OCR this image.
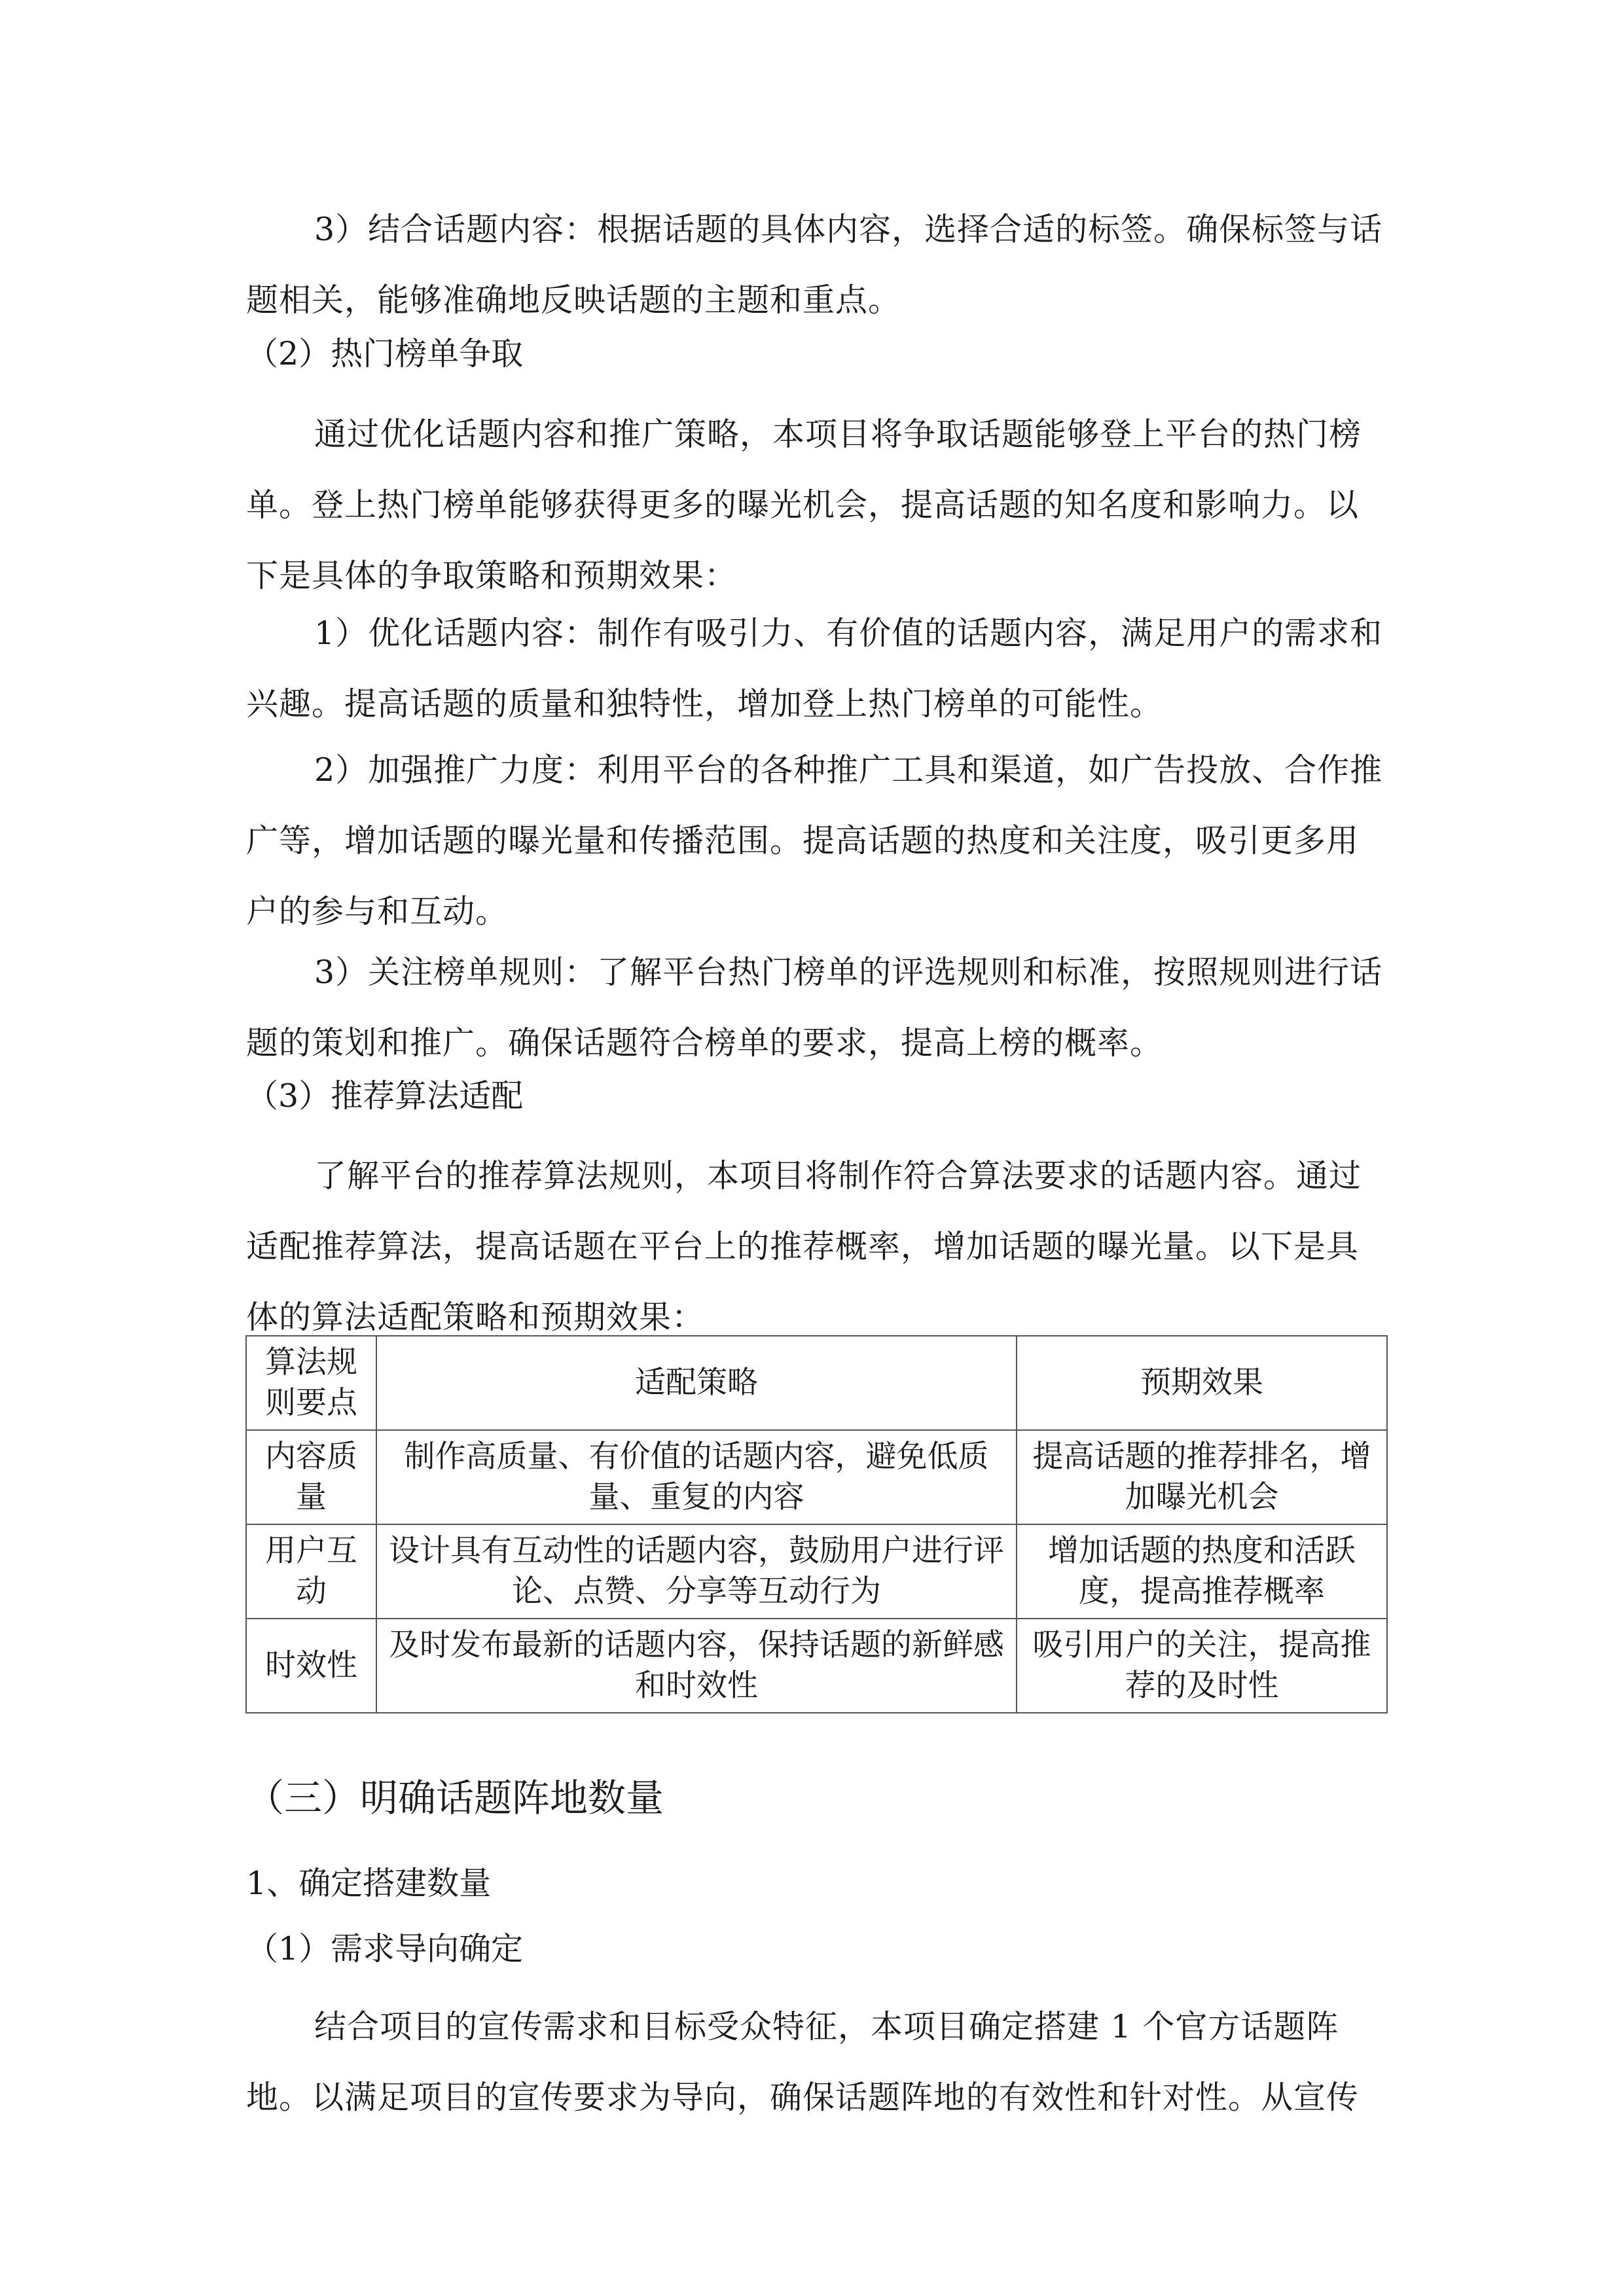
3）结合话题内容：根据话题的具体内容，选择合适的标签。确保标签与话题相关，能够准确地反映话题的主题和重点。

（2）热门榜单争取

通过优化话题内容和推广策略，本项目将争取话题能够登上平台的热门榜单。登上热门榜单能够获得更多的曝光机会，提高话题的知名度和影响力。以下是具体的争取策略和预期效果：

1）优化话题内容：制作有吸引力、有价值的话题内容，满足用户的需求和兴趣。提高话题的质量和独特性，增加登上热门榜单的可能性。

2）加强推广力度：利用平台的各种推广工具和渠道，如广告投放、合作推广等，增加话题的曝光量和传播范围。提高话题的热度和关注度，吸引更多用户的参与和互动。

3）关注榜单规则：了解平台热门榜单的评选规则和标准，按照规则进行话题的策划和推广。确保话题符合榜单的要求，提高上榜的概率。

（3）推荐算法适配

了解平台的推荐算法规则，本项目将制作符合算法要求的话题内容。通过适配推荐算法，提高话题在平台上的推荐概率，增加话题的曝光量。以下是具体的算法适配策略和预期效果：

算法规则要点	适配策略	预期效果
内容质量	制作高质量、有价值的话题内容，避免低质量、重复的内容	提高话题的推荐排名，增加曝光机会
用户互动	设计具有互动性的话题内容，鼓励用户进行评论、点赞、分享等互动行为	增加话题的热度和活跃度，提高推荐概率
时效性	及时发布最新的话题内容，保持话题的新鲜感和时效性	吸引用户的关注，提高推荐的及时性
（三）明确话题阵地数量
1、确定搭建数量
（1）需求导向确定

结合项目的宣传需求和目标受众特征，本项目确定搭建 1 个官方话题阵地。以满足项目的宣传要求为导向，确保话题阵地的有效性和针对性。从宣传
